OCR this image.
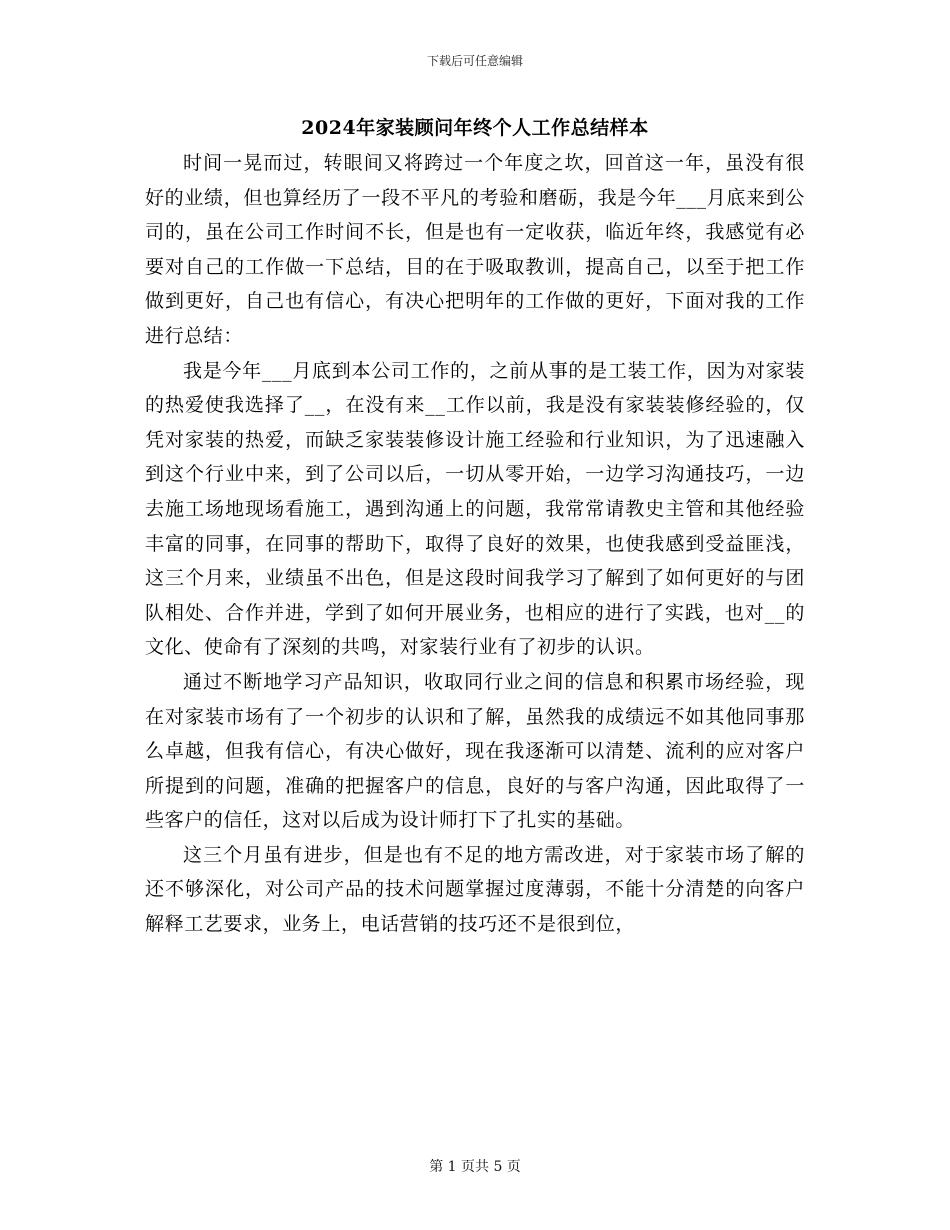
下载后可任意编辑
2024年家装顾问年终个人工作总结样本

时间一晃而过，转眼间又将跨过一个年度之坎，回首这一年，虽没有很好的业绩，但也算经历了一段不平凡的考验和磨砺，我是今年___月底来到公司的，虽在公司工作时间不长，但是也有一定收获，临近年终，我感觉有必要对自己的工作做一下总结，目的在于吸取教训，提高自己，以至于把工作做到更好，自己也有信心，有决心把明年的工作做的更好，下面对我的工作进行总结：

我是今年___月底到本公司工作的，之前从事的是工装工作，因为对家装的热爱使我选择了__，在没有来__工作以前，我是没有家装装修经验的，仅凭对家装的热爱，而缺乏家装装修设计施工经验和行业知识，为了迅速融入到这个行业中来，到了公司以后，一切从零开始，一边学习沟通技巧，一边去施工场地现场看施工，遇到沟通上的问题，我常常请教史主管和其他经验丰富的同事，在同事的帮助下，取得了良好的效果，也使我感到受益匪浅，这三个月来，业绩虽不出色，但是这段时间我学习了解到了如何更好的与团队相处、合作并进，学到了如何开展业务，也相应的进行了实践，也对__的文化、使命有了深刻的共鸣，对家装行业有了初步的认识。

通过不断地学习产品知识，收取同行业之间的信息和积累市场经验，现在对家装市场有了一个初步的认识和了解，虽然我的成绩远不如其他同事那么卓越，但我有信心，有决心做好，现在我逐渐可以清楚、流利的应对客户所提到的问题，准确的把握客户的信息，良好的与客户沟通，因此取得了一些客户的信任，这对以后成为设计师打下了扎实的基础。

这三个月虽有进步，但是也有不足的地方需改进，对于家装市场了解的还不够深化，对公司产品的技术问题掌握过度薄弱，不能十分清楚的向客户解释工艺要求，业务上，电话营销的技巧还不是很到位，

第 1 页共 5 页
